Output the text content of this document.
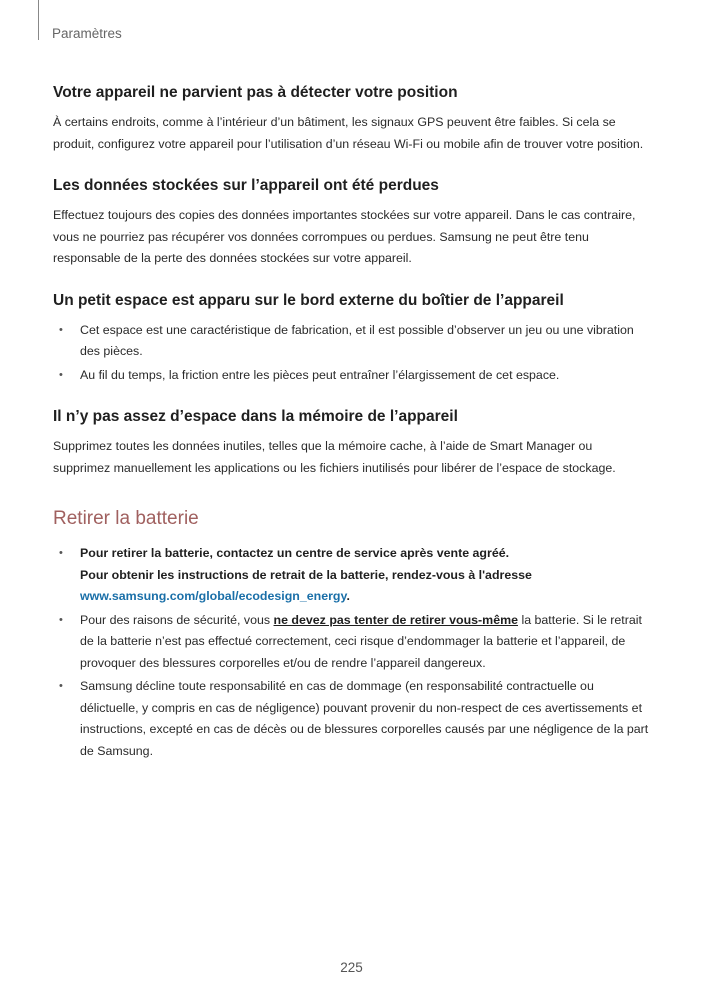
Paramètres
Votre appareil ne parvient pas à détecter votre position

À certains endroits, comme à l’intérieur d’un bâtiment, les signaux GPS peuvent être faibles. Si cela se produit, configurez votre appareil pour l’utilisation d’un réseau Wi-Fi ou mobile afin de trouver votre position.

Les données stockées sur l’appareil ont été perdues

Effectuez toujours des copies des données importantes stockées sur votre appareil. Dans le cas contraire, vous ne pourriez pas récupérer vos données corrompues ou perdues. Samsung ne peut être tenu responsable de la perte des données stockées sur votre appareil.

Un petit espace est apparu sur le bord externe du boîtier de l’appareil
• Cet espace est une caractéristique de fabrication, et il est possible d’observer un jeu ou une vibration des pièces.
• Au fil du temps, la friction entre les pièces peut entraîner l’élargissement de cet espace.
Il n’y pas assez d’espace dans la mémoire de l’appareil

Supprimez toutes les données inutiles, telles que la mémoire cache, à l’aide de Smart Manager ou supprimez manuellement les applications ou les fichiers inutilisés pour libérer de l’espace de stockage.

Retirer la batterie
• Pour retirer la batterie, contactez un centre de service après vente agréé.
Pour obtenir les instructions de retrait de la batterie, rendez-vous à l'adresse
www.samsung.com/global/ecodesign_energy.
• Pour des raisons de sécurité, vous ne devez pas tenter de retirer vous-même la batterie. Si le retrait de la batterie n’est pas effectué correctement, ceci risque d’endommager la batterie et l’appareil, de provoquer des blessures corporelles et/ou de rendre l’appareil dangereux.
• Samsung décline toute responsabilité en cas de dommage (en responsabilité contractuelle ou délictuelle, y compris en cas de négligence) pouvant provenir du non-respect de ces avertissements et instructions, excepté en cas de décès ou de blessures corporelles causés par une négligence de la part de Samsung.
225
